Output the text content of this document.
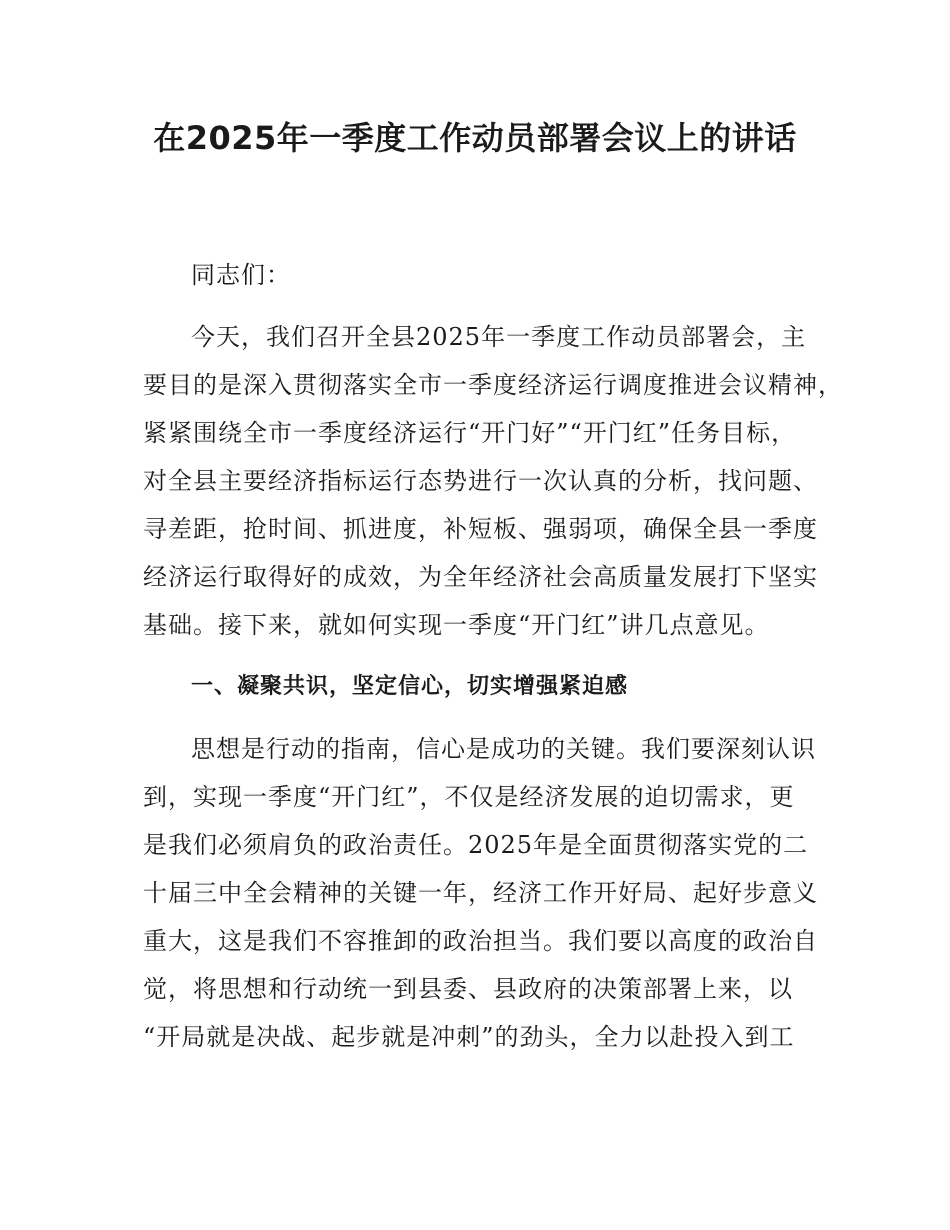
在2025年一季度工作动员部署会议上的讲话
同志们：
今天，我们召开全县2025年一季度工作动员部署会，主
要目的是深入贯彻落实全市一季度经济运行调度推进会议精神，
紧紧围绕全市一季度经济运行“开门好”“开门红”任务目标，
对全县主要经济指标运行态势进行一次认真的分析，找问题、
寻差距，抢时间、抓进度，补短板、强弱项，确保全县一季度
经济运行取得好的成效，为全年经济社会高质量发展打下坚实
基础。接下来，就如何实现一季度“开门红”讲几点意见。
一、凝聚共识，坚定信心，切实增强紧迫感
思想是行动的指南，信心是成功的关键。我们要深刻认识
到，实现一季度“开门红”，不仅是经济发展的迫切需求，更
是我们必须肩负的政治责任。2025年是全面贯彻落实党的二
十届三中全会精神的关键一年，经济工作开好局、起好步意义
重大，这是我们不容推卸的政治担当。我们要以高度的政治自
觉，将思想和行动统一到县委、县政府的决策部署上来，以
“开局就是决战、起步就是冲刺”的劲头，全力以赴投入到工
